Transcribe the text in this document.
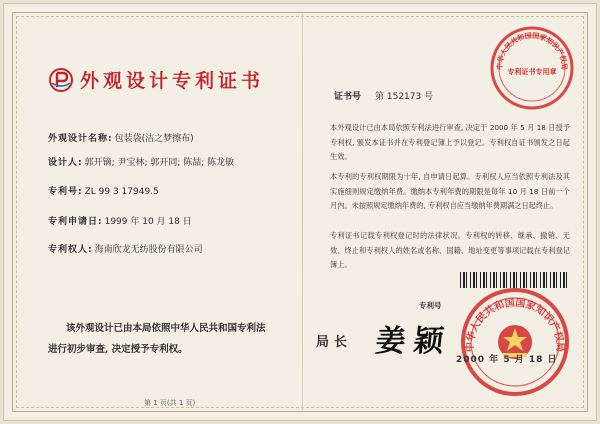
外观设计专利证书
外观设计名称: 包装袋(洁之梦擦布)
设计人: 郭开镝; 尹宝林; 郭开同; 陈喆; 陈龙敏
专利号: ZL 99 3 17949.5
专利申请日: 1999 年 10 月 18 日
专利权人: 海南欣龙无纺股份有限公司
该外观设计已由本局依照中华人民共和国专利法
进行初步审查, 决定授予专利权。
第 1 页(共 1 页)
中华人民共和国国家知识产权局
专利证书专用章
证书号 第 152173 号
本外观设计已由本局依照专利法进行审查, 决定于 2000 年 5 月 18 日授予专利权, 颁发本证书并在专利登记簿上予以登记。专利权自证书颁发之日起生效。
本专利的专利权期限为十年, 自申请日起算。专利权人应当依照专利法及其实施细则规定缴纳年费。缴纳本专利年费的期限是每年 10 月 18 日前一个月内。未按照规定缴纳年费的, 专利权自应当缴纳年费期满之日起终止。
专利证书记载专利权登记时的法律状况。专利权的转移、继承、撤销、无效、终止和专利权人的姓名或名称、国籍、地址变更等事项记载在专利登记簿上。
专利号
局长 姜颖 中华人民共和国国家知识产权局
2000 年 5 月 18 日
